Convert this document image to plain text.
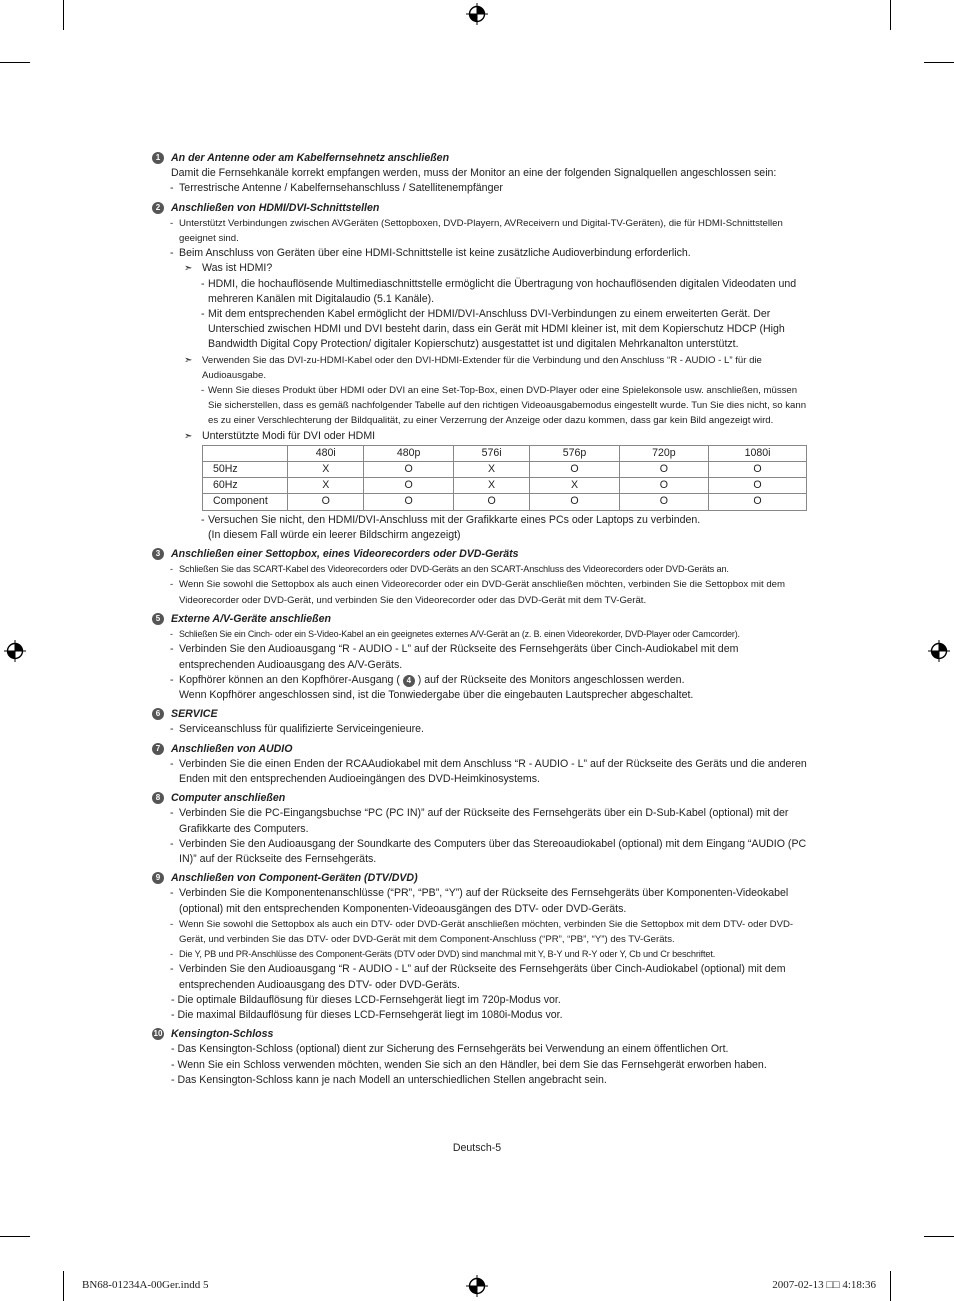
1	An der Antenne oder am Kabelfernsehnetz anschließen
Damit die Fernsehkanäle korrekt empfangen werden, muss der Monitor an eine der folgenden Signalquellen angeschlossen sein:
- Terrestrische Antenne / Kabelfernsehanschluss / Satellitenempfänger
2	Anschließen von HDMI/DVI-Schnittstellen
- Unterstützt Verbindungen zwischen AVGeräten (Settopboxen, DVD-Playern, AVReceivern und Digital-TV-Geräten), die für HDMI-Schnittstellen geeignet sind.
- Beim Anschluss von Geräten über eine HDMI-Schnittstelle ist keine zusätzliche Audioverbindung erforderlich.
➣ Was ist HDMI?
- HDMI, die hochauflösende Multimediaschnittstelle ermöglicht die Übertragung von hochauflösenden digitalen Videodaten und mehreren Kanälen mit Digitalaudio (5.1 Kanäle).
- Mit dem entsprechenden Kabel ermöglicht der HDMI/DVI-Anschluss DVI-Verbindungen zu einem erweiterten Gerät. Der Unterschied zwischen HDMI und DVI besteht darin, dass ein Gerät mit HDMI kleiner ist, mit dem Kopierschutz HDCP (High Bandwidth Digital Copy Protection/ digitaler Kopierschutz) ausgestattet ist und digitalen Mehrkanalton unterstützt.
➣ Verwenden Sie das DVI-zu-HDMI-Kabel oder den DVI-HDMI-Extender für die Verbindung und den Anschluss “R - AUDIO - L” für die Audioausgabe.
- Wenn Sie dieses Produkt über HDMI oder DVI an eine Set-Top-Box, einen DVD-Player oder eine Spielekonsole usw. anschließen, müssen Sie sicherstellen, dass es gemäß nachfolgender Tabelle auf den richtigen Videoausgabemodus eingestellt wurde. Tun Sie dies nicht, so kann es zu einer Verschlechterung der Bildqualität, zu einer Verzerrung der Anzeige oder dazu kommen, dass gar kein Bild angezeigt wird.
➣ Unterstützte Modi für DVI oder HDMI
	480i	480p	576i	576p	720p	1080i
50Hz	X	O	X	O	O	O
60Hz	X	O	X	X	O	O
Component	O	O	O	O	O	O
- Versuchen Sie nicht, den HDMI/DVI-Anschluss mit der Grafikkarte eines PCs oder Laptops zu verbinden.
(In diesem Fall würde ein leerer Bildschirm angezeigt)
3	Anschließen einer Settopbox, eines Videorecorders oder DVD-Geräts
- Schließen Sie das SCART-Kabel des Videorecorders oder DVD-Geräts an den SCART-Anschluss des Videorecorders oder DVD-Geräts an.
- Wenn Sie sowohl die Settopbox als auch einen Videorecorder oder ein DVD-Gerät anschließen möchten, verbinden Sie die Settopbox mit dem Videorecorder oder DVD-Gerät, und verbinden Sie den Videorecorder oder das DVD-Gerät mit dem TV-Gerät.
5	Externe A/V-Geräte anschließen
- Schließen Sie ein Cinch- oder ein S-Video-Kabel an ein geeignetes externes A/V-Gerät an (z. B. einen Videorekorder, DVD-Player oder Camcorder).
- Verbinden Sie den Audioausgang “R - AUDIO - L” auf der Rückseite des Fernsehgeräts über Cinch-Audiokabel mit dem entsprechenden Audioausgang des A/V-Geräts.
- Kopfhörer können an den Kopfhörer-Ausgang ( 4 ) auf der Rückseite des Monitors angeschlossen werden.
Wenn Kopfhörer angeschlossen sind, ist die Tonwiedergabe über die eingebauten Lautsprecher abgeschaltet.
6	SERVICE
- Serviceanschluss für qualifizierte Serviceingenieure.
7	Anschließen von AUDIO
- Verbinden Sie die einen Enden der RCAAudiokabel mit dem Anschluss “R - AUDIO - L” auf der Rückseite des Geräts und die anderen Enden mit den entsprechenden Audioeingängen des DVD-Heimkinosystems.
8	Computer anschließen
- Verbinden Sie die PC-Eingangsbuchse “PC (PC IN)” auf der Rückseite des Fernsehgeräts über ein D-Sub-Kabel (optional) mit der Grafikkarte des Computers.
- Verbinden Sie den Audioausgang der Soundkarte des Computers über das Stereoaudiokabel (optional) mit dem Eingang “AUDIO (PC IN)” auf der Rückseite des Fernsehgeräts.
9	Anschließen von Component-Geräten (DTV/DVD)
- Verbinden Sie die Komponentenanschlüsse (“PR”, “PB”, “Y”) auf der Rückseite des Fernsehgeräts über Komponenten-Videokabel (optional) mit den entsprechenden Komponenten-Videoausgängen des DTV- oder DVD-Geräts.
- Wenn Sie sowohl die Settopbox als auch ein DTV- oder DVD-Gerät anschließen möchten, verbinden Sie die Settopbox mit dem DTV- oder DVD-Gerät, und verbinden Sie das DTV- oder DVD-Gerät mit dem Component-Anschluss (“PR”, “PB”, “Y”) des TV-Geräts.
- Die Y, PB und PR-Anschlüsse des Component-Geräts (DTV oder DVD) sind manchmal mit Y, B-Y und R-Y oder Y, Cb und Cr beschriftet.
- Verbinden Sie den Audioausgang “R - AUDIO - L” auf der Rückseite des Fernsehgeräts über Cinch-Audiokabel (optional) mit dem entsprechenden Audioausgang des DTV- oder DVD-Geräts.
- Die optimale Bildauflösung für dieses LCD-Fernsehgerät liegt im 720p-Modus vor.
- Die maximal Bildauflösung für dieses LCD-Fernsehgerät liegt im 1080i-Modus vor.
10 Kensington-Schloss
- Das Kensington-Schloss (optional) dient zur Sicherung des Fernsehgeräts bei Verwendung an einem öffentlichen Ort.
- Wenn Sie ein Schloss verwenden möchten, wenden Sie sich an den Händler, bei dem Sie das Fernsehgerät erworben haben.
- Das Kensington-Schloss kann je nach Modell an unterschiedlichen Stellen angebracht sein.
Deutsch-5
BN68-01234A-00Ger.indd 5	2007-02-13 □□ 4:18:36
